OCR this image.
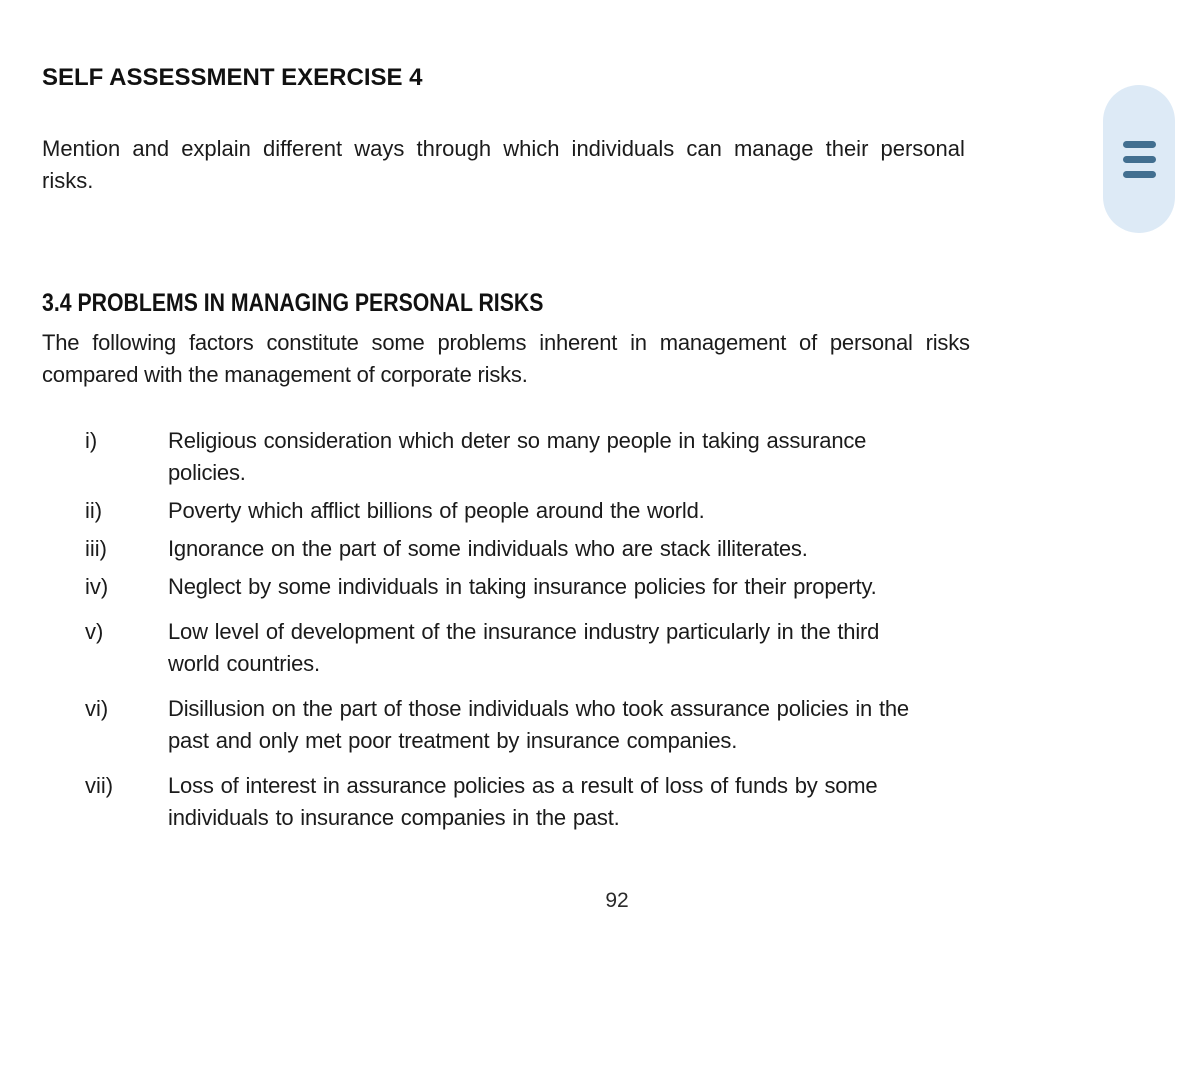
SELF ASSESSMENT EXERCISE 4
Mention and explain different ways through which individuals can manage their personal
risks.
3.4 PROBLEMS IN MANAGING PERSONAL RISKS
The following factors constitute some problems inherent in management of personal risks
compared with the management of corporate risks.
i)	Religious consideration which deter so many people in taking assurance
policies.
ii)	Poverty which afflict billions of people around the world.
iii)	Ignorance on the part of some individuals who are stack illiterates.
iv)	Neglect by some individuals in taking insurance policies for their property.
v)	Low level of development of the insurance industry particularly in the third
world countries.
vi)	Disillusion on the part of those individuals who took assurance policies in the
past and only met poor treatment by insurance companies.
vii)	Loss of interest in assurance policies as a result of loss of funds by some
individuals to insurance companies in the past.
92
